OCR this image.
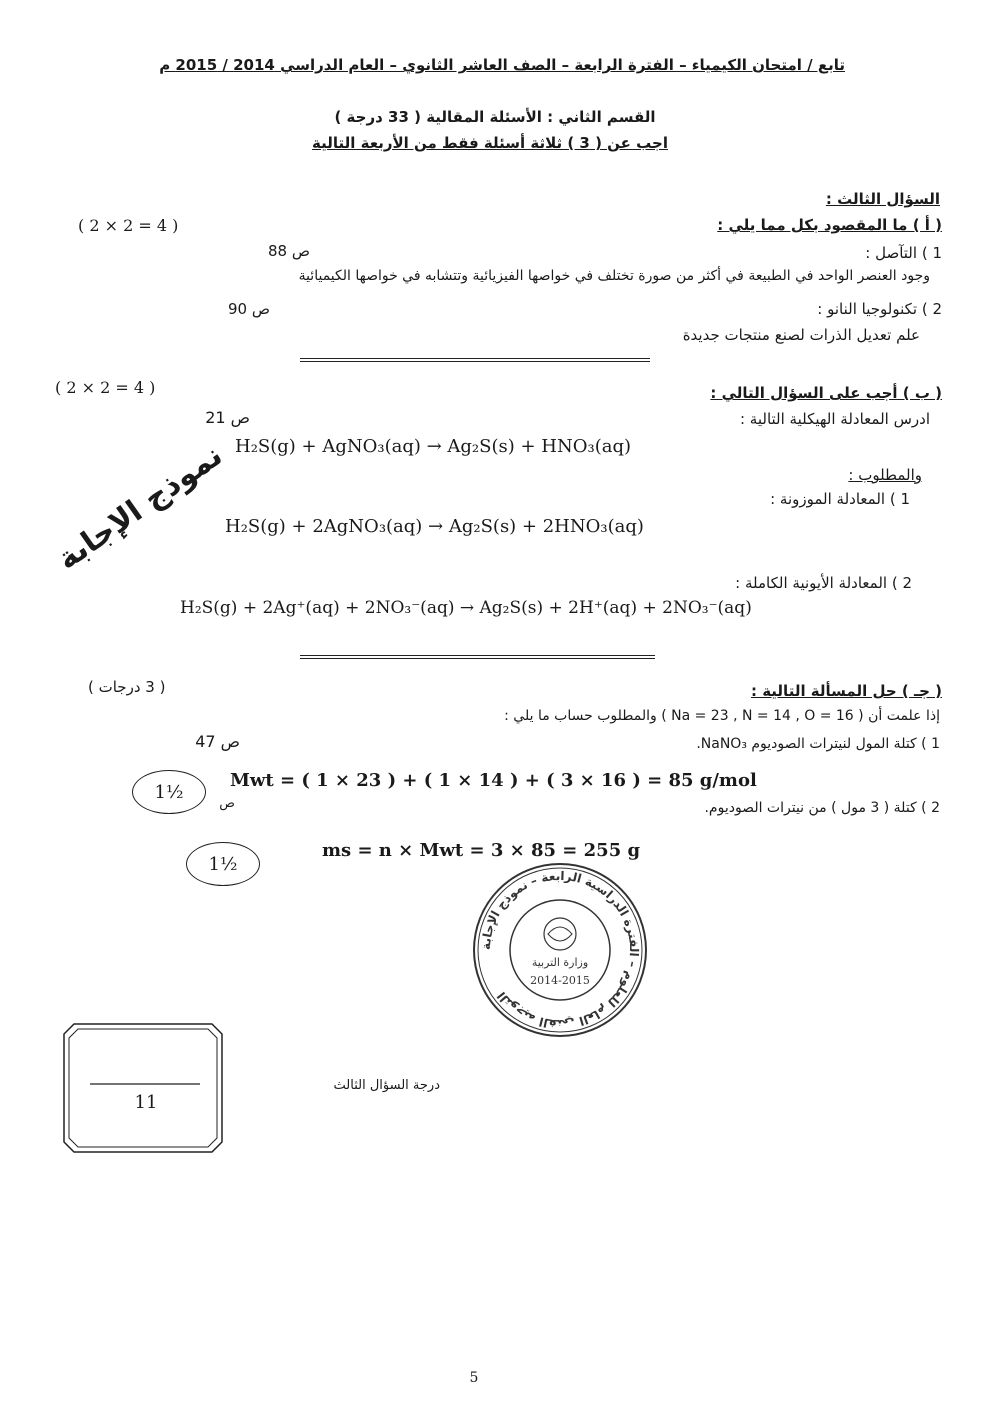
تابع / امتحان الكيمياء – الفترة الرابعة – الصف العاشر الثانوي – العام الدراسي 2014 / 2015 م
القسم الثاني : الأسئلة المقالية ( 33 درجة )
اجب عن ( 3 ) ثلاثة أسئلة فقط من الأربعة التالية
السؤال الثالث :
( أ ) ما المقصود بكل مما يلي :
( 2 × 2 = 4 )
1 ) التآصل :
ص 88
وجود العنصر الواحد في الطبيعة في أكثر من صورة تختلف في خواصها الفيزيائية وتتشابه في خواصها الكيميائية
2 ) تكنولوجيا النانو :
ص 90
علم تعديل الذرات لصنع منتجات جديدة
( ب ) أجب على السؤال التالي :
( 2 × 2 = 4 )
ادرس المعادلة الهيكلية التالية :
ص 21
H₂S(g) + AgNO₃(aq) → Ag₂S(s) + HNO₃(aq)
والمطلوب :
1 ) المعادلة الموزونة :
H₂S(g) + 2AgNO₃(aq) → Ag₂S(s) + 2HNO₃(aq)
2 ) المعادلة الأيونية الكاملة :
H₂S(g) + 2Ag⁺(aq) + 2NO₃⁻(aq) → Ag₂S(s) + 2H⁺(aq) + 2NO₃⁻(aq)
( جـ ) حل المسألة التالية :
( 3 درجات )
إذا علمت أن ( Na = 23 , N = 14 , O = 16 ) والمطلوب حساب ما يلي :
1 ) كتلة المول لنيترات الصوديوم NaNO₃.
ص 47
1½
Mwt = ( 1 × 23 ) + ( 1 × 14 ) + ( 3 × 16 ) = 85 g/mol
ص	2 ) كتلة ( 3 مول ) من نيترات الصوديوم.
1½
ms = n × Mwt = 3 × 85 = 255 g
نموذج الإجابة
التوجيه الفني العام للعلوم – الفترة الدراسية الرابعة – نموذج الإجابة
وزارة التربية
2014-2015
11
درجة السؤال الثالث
5
